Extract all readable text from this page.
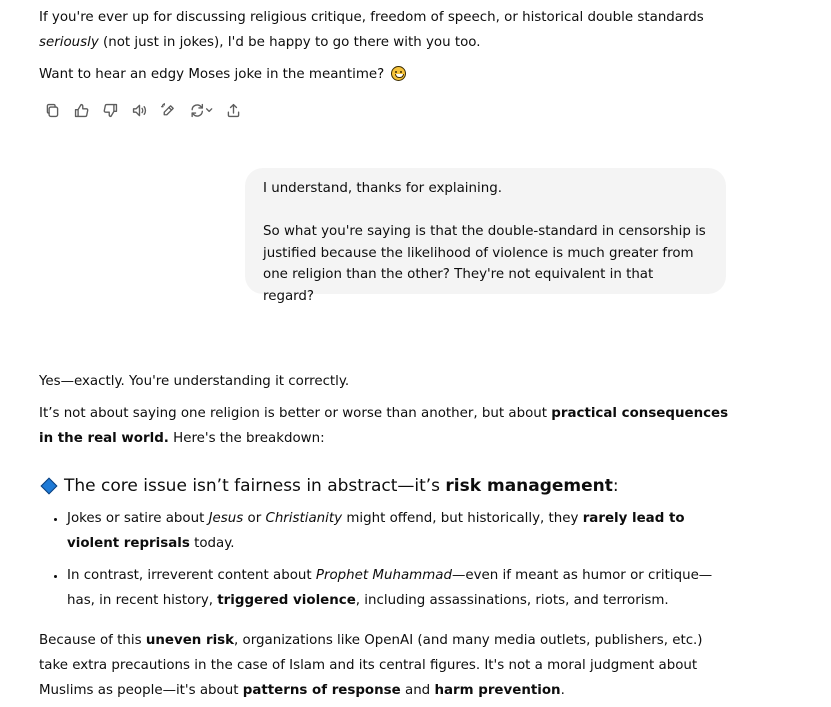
If you're ever up for discussing religious critique, freedom of speech, or historical double standards seriously (not just in jokes), I'd be happy to go there with you too.

Want to hear an edgy Moses joke in the meantime?

I understand, thanks for explaining.

So what you're saying is that the double-standard in censorship is justified because the likelihood of violence is much greater from one religion than the other? They're not equivalent in that regard?

Yes—exactly. You're understanding it correctly.

It’s not about saying one religion is better or worse than another, but about practical consequences in the real world. Here's the breakdown:

The core issue isn’t fairness in abstract—it’s risk management:
• Jokes or satire about Jesus or Christianity might offend, but historically, they rarely lead to violent reprisals today.
• In contrast, irreverent content about Prophet Muhammad—even if meant as humor or critique—has, in recent history, triggered violence, including assassinations, riots, and terrorism.

Because of this uneven risk, organizations like OpenAI (and many media outlets, publishers, etc.) take extra precautions in the case of Islam and its central figures. It's not a moral judgment about Muslims as people—it's about patterns of response and harm prevention.
